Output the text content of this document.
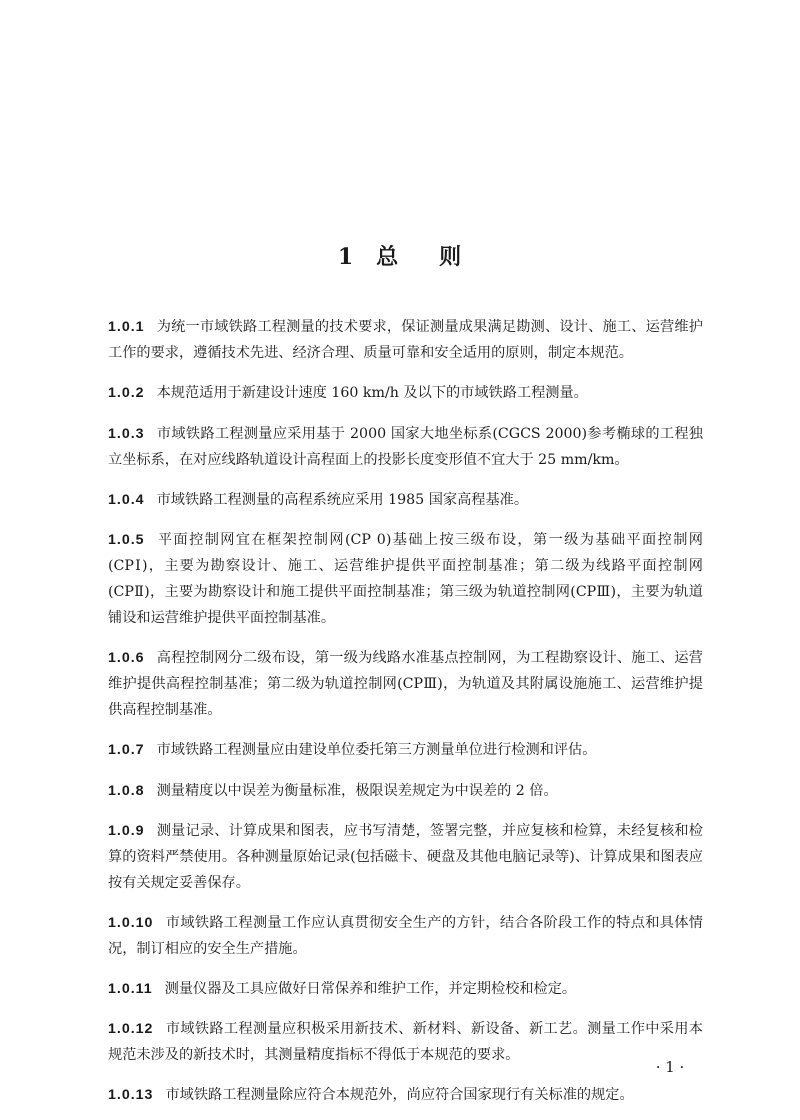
1 总 则

1.0.1 为统一市域铁路工程测量的技术要求，保证测量成果满足勘测、设计、施工、运营维护工作的要求，遵循技术先进、经济合理、质量可靠和安全适用的原则，制定本规范。

1.0.2 本规范适用于新建设计速度 160 km/h 及以下的市域铁路工程测量。

1.0.3 市域铁路工程测量应采用基于 2000 国家大地坐标系(CGCS 2000)参考椭球的工程独立坐标系，在对应线路轨道设计高程面上的投影长度变形值不宜大于 25 mm/km。

1.0.4 市域铁路工程测量的高程系统应采用 1985 国家高程基准。

1.0.5 平面控制网宜在框架控制网(CP 0)基础上按三级布设，第一级为基础平面控制网(CPⅠ)，主要为勘察设计、施工、运营维护提供平面控制基准；第二级为线路平面控制网(CPⅡ)，主要为勘察设计和施工提供平面控制基准；第三级为轨道控制网(CPⅢ)，主要为轨道铺设和运营维护提供平面控制基准。

1.0.6 高程控制网分二级布设，第一级为线路水准基点控制网，为工程勘察设计、施工、运营维护提供高程控制基准；第二级为轨道控制网(CPⅢ)，为轨道及其附属设施施工、运营维护提供高程控制基准。

1.0.7 市域铁路工程测量应由建设单位委托第三方测量单位进行检测和评估。

1.0.8 测量精度以中误差为衡量标准，极限误差规定为中误差的 2 倍。

1.0.9 测量记录、计算成果和图表，应书写清楚，签署完整，并应复核和检算，未经复核和检算的资料严禁使用。各种测量原始记录(包括磁卡、硬盘及其他电脑记录等)、计算成果和图表应按有关规定妥善保存。

1.0.10 市域铁路工程测量工作应认真贯彻安全生产的方针，结合各阶段工作的特点和具体情况，制订相应的安全生产措施。

1.0.11 测量仪器及工具应做好日常保养和维护工作，并定期检校和检定。

1.0.12 市域铁路工程测量应积极采用新技术、新材料、新设备、新工艺。测量工作中采用本规范未涉及的新技术时，其测量精度指标不得低于本规范的要求。

1.0.13 市域铁路工程测量除应符合本规范外，尚应符合国家现行有关标准的规定。

· 1 ·
